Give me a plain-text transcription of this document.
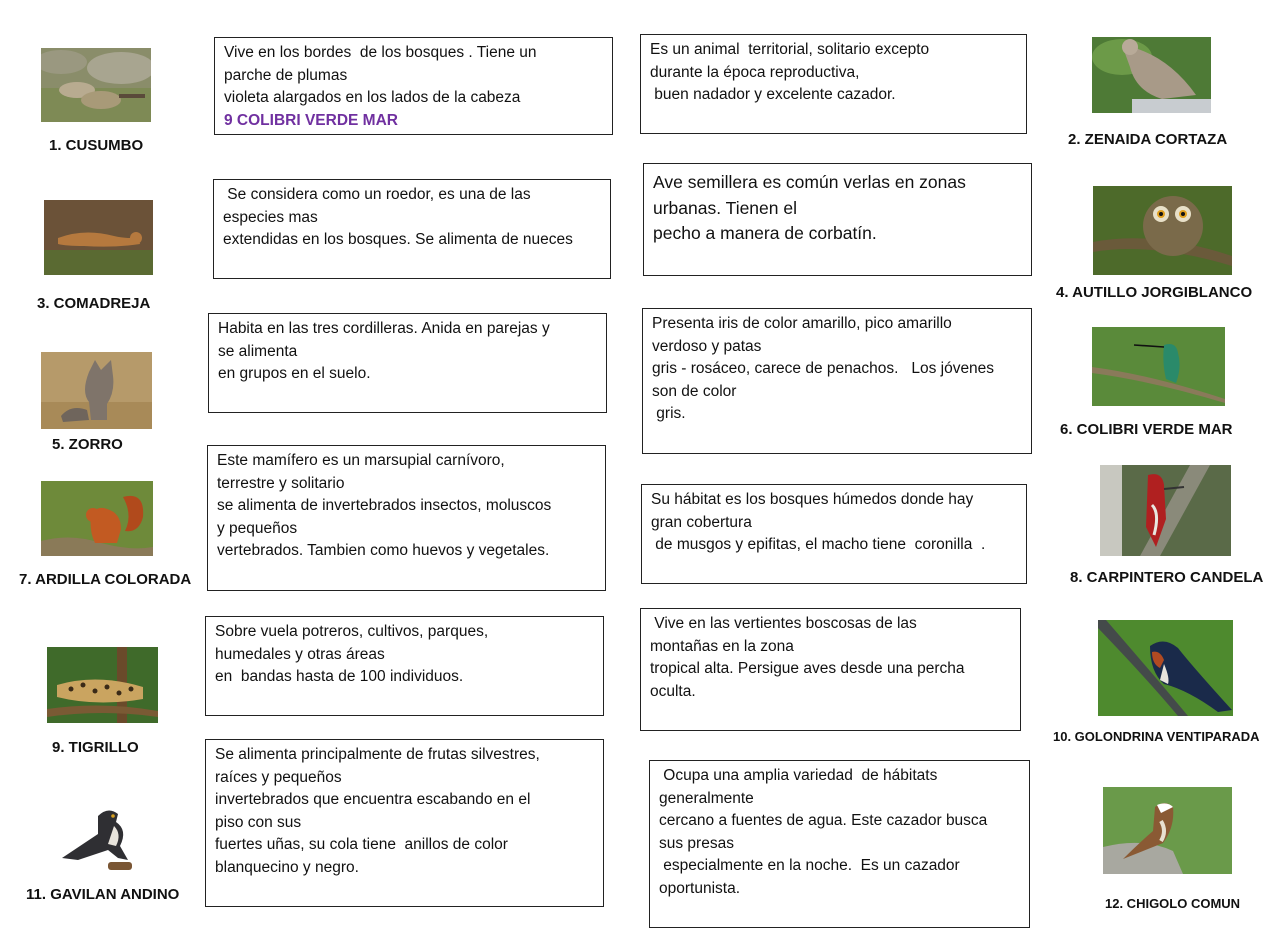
1. CUSUMBO
3. COMADREJA
5. ZORRO
7. ARDILLA COLORADA
9. TIGRILLO
11. GAVILAN ANDINO
2. ZENAIDA CORTAZA
4. AUTILLO JORGIBLANCO
6. COLIBRI VERDE MAR
8. CARPINTERO CANDELA
10. GOLONDRINA VENTIPARADA
12. CHIGOLO COMUN
Vive en los bordes  de los bosques . Tiene un
parche de plumas
violeta alargados en los lados de la cabeza
9 COLIBRI VERDE MAR
Se considera como un roedor, es una de las
especies mas
extendidas en los bosques. Se alimenta de nueces
Habita en las tres cordilleras. Anida en parejas y
se alimenta
en grupos en el suelo.
Este mamífero es un marsupial carnívoro,
terrestre y solitario
se alimenta de invertebrados insectos, moluscos
y pequeños
vertebrados. Tambien como huevos y vegetales.
Sobre vuela potreros, cultivos, parques,
humedales y otras áreas
en  bandas hasta de 100 individuos.
Se alimenta principalmente de frutas silvestres,
raíces y pequeños
invertebrados que encuentra escabando en el
piso con sus
fuertes uñas, su cola tiene  anillos de color
blanquecino y negro.
Es un animal  territorial, solitario excepto
durante la época reproductiva,
buen nadador y excelente cazador.
Ave semillera es común verlas en zonas
urbanas. Tienen el
pecho a manera de corbatín.
Presenta iris de color amarillo, pico amarillo
verdoso y patas
gris - rosáceo, carece de penachos.   Los jóvenes
son de color
gris.
Su hábitat es los bosques húmedos donde hay
gran cobertura
de musgos y epifitas, el macho tiene  coronilla  .
Vive en las vertientes boscosas de las
montañas en la zona
tropical alta. Persigue aves desde una percha
oculta.
Ocupa una amplia variedad  de hábitats
generalmente
cercano a fuentes de agua. Este cazador busca
sus presas
especialmente en la noche.  Es un cazador
oportunista.
